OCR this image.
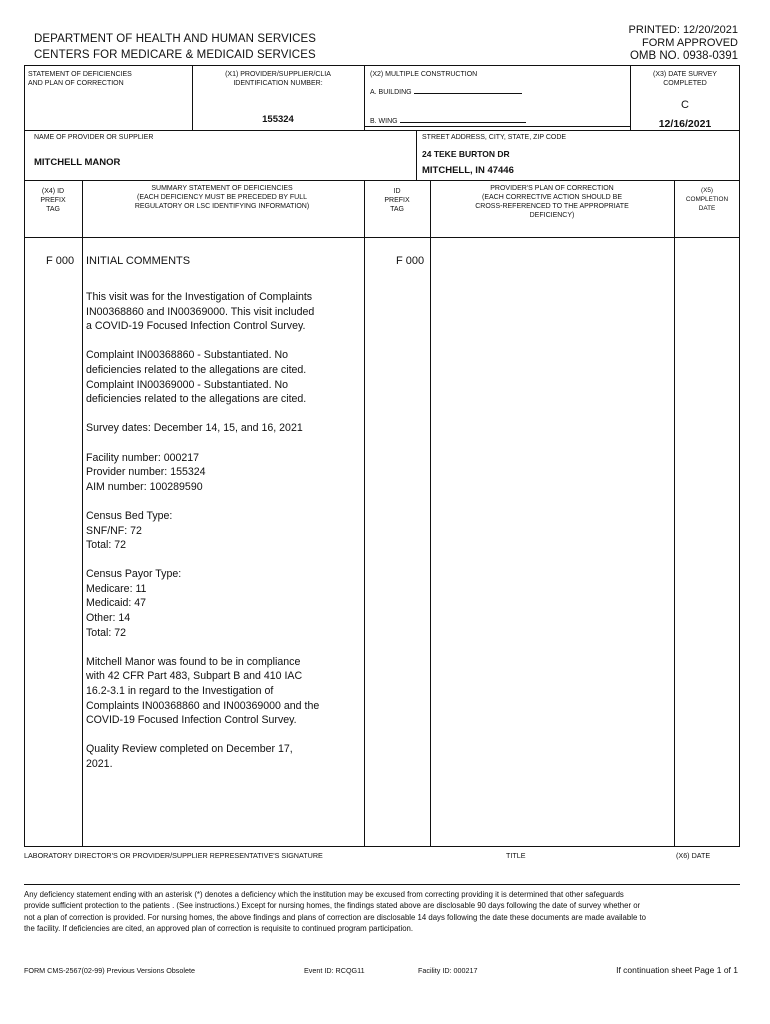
DEPARTMENT OF HEALTH AND HUMAN SERVICES
CENTERS FOR MEDICARE & MEDICAID SERVICES
PRINTED: 12/20/2021
FORM APPROVED
OMB NO. 0938-0391
STATEMENT OF DEFICIENCIES
AND PLAN OF CORRECTION
(X1) PROVIDER/SUPPLIER/CLIA
IDENTIFICATION NUMBER:
155324
(X2) MULTIPLE CONSTRUCTION
A. BUILDING
B. WING
(X3) DATE SURVEY
COMPLETED
C
12/16/2021
NAME OF PROVIDER OR SUPPLIER
MITCHELL MANOR
STREET ADDRESS, CITY, STATE, ZIP CODE
24 TEKE BURTON DR
MITCHELL, IN 47446
(X4) ID
PREFIX
TAG
SUMMARY STATEMENT OF DEFICIENCIES
(EACH DEFICIENCY MUST BE PRECEDED BY FULL
REGULATORY OR LSC IDENTIFYING INFORMATION)
ID
PREFIX
TAG
PROVIDER'S PLAN OF CORRECTION
(EACH CORRECTIVE ACTION SHOULD BE
CROSS-REFERENCED TO THE APPROPRIATE
DEFICIENCY)
(X5)
COMPLETION
DATE
F 000 INITIAL COMMENTS	F 000

This visit was for the Investigation of Complaints
IN00368860 and IN00369000. This visit included
a COVID-19 Focused Infection Control Survey.

Complaint IN00368860 - Substantiated. No
deficiencies related to the allegations are cited.
Complaint IN00369000 - Substantiated. No
deficiencies related to the allegations are cited.

Survey dates: December 14, 15, and 16, 2021

Facility number: 000217
Provider number: 155324
AIM number: 100289590

Census Bed Type:
SNF/NF: 72
Total: 72

Census Payor Type:
Medicare: 11
Medicaid: 47
Other: 14
Total: 72

Mitchell Manor was found to be in compliance
with 42 CFR Part 483, Subpart B and 410 IAC
16.2-3.1 in regard to the Investigation of
Complaints IN00368860 and IN00369000 and the
COVID-19 Focused Infection Control Survey.

Quality Review completed on December 17,
2021.

LABORATORY DIRECTOR'S OR PROVIDER/SUPPLIER REPRESENTATIVE'S SIGNATURE	TITLE	(X6) DATE
Any deficiency statement ending with an asterisk (*) denotes a deficiency which the institution may be excused from correcting providing it is determined that other safeguards provide sufficient protection to the patients . (See instructions.) Except for nursing homes, the findings stated above are disclosable 90 days following the date of survey whether or not a plan of correction is provided. For nursing homes, the above findings and plans of correction are disclosable 14 days following the date these documents are made available to the facility. If deficiencies are cited, an approved plan of correction is requisite to continued program participation.
FORM CMS-2567(02-99) Previous Versions Obsolete	Event ID: RCQG11	Facility ID: 000217	If continuation sheet Page 1 of 1
